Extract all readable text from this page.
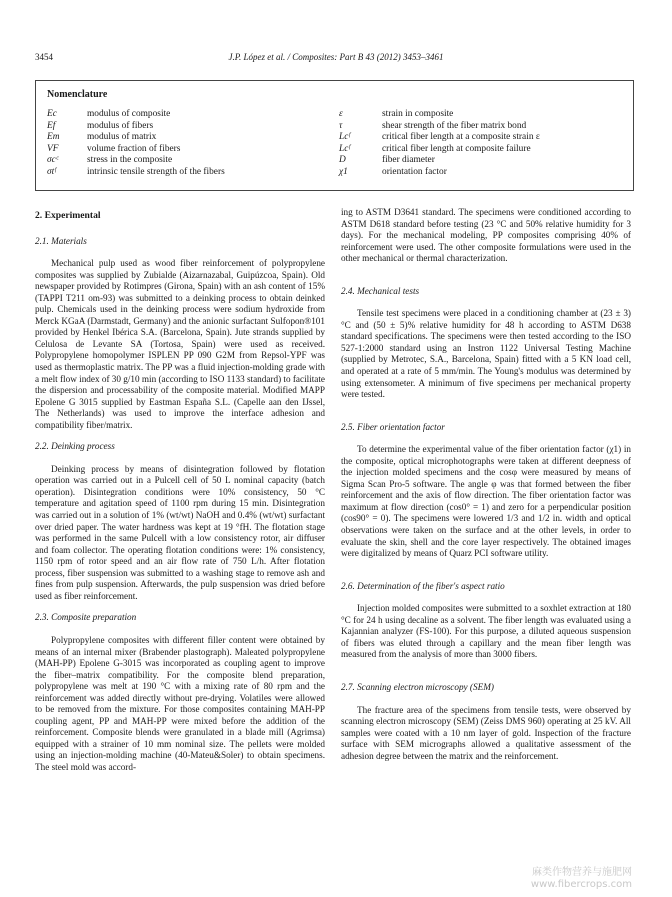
3454	J.P. López et al. / Composites: Part B 43 (2012) 3453–3461
Nomenclature
Ec	modulus of composite
Ef	modulus of fibers
Em	modulus of matrix
VF	volume fraction of fibers
σcᶜ	stress in the composite
σtᶠ	intrinsic tensile strength of the fibers
ε	strain in composite
τ	shear strength of the fiber matrix bond
Lcᶠ	critical fiber length at a composite strain ε
Lcᶠ	critical fiber length at composite failure
D	fiber diameter
χ1	orientation factor
2. Experimental
2.1. Materials

Mechanical pulp used as wood fiber reinforcement of polypropylene composites was supplied by Zubialde (Aizarnazabal, Guipúzcoa, Spain). Old newspaper provided by Rotimpres (Girona, Spain) with an ash content of 15% (TAPPI T211 om-93) was submitted to a deinking process to obtain deinked pulp. Chemicals used in the deinking process were sodium hydroxide from Merck KGaA (Darmstadt, Germany) and the anionic surfactant Sulfopon®101 provided by Henkel Ibérica S.A. (Barcelona, Spain). Jute strands supplied by Celulosa de Levante SA (Tortosa, Spain) were used as received. Polypropylene homopolymer ISPLEN PP 090 G2M from Repsol-YPF was used as thermoplastic matrix. The PP was a fluid injection-molding grade with a melt flow index of 30 g/10 min (according to ISO 1133 standard) to facilitate the dispersion and processability of the composite material. Modified MAPP Epolene G 3015 supplied by Eastman España S.L. (Capelle aan den IJssel, The Netherlands) was used to improve the interface adhesion and compatibility fiber/matrix.

2.2. Deinking process

Deinking process by means of disintegration followed by flotation operation was carried out in a Pulcell cell of 50 L nominal capacity (batch operation). Disintegration conditions were 10% consistency, 50 °C temperature and agitation speed of 1100 rpm during 15 min. Disintegration was carried out in a solution of 1% (wt/wt) NaOH and 0.4% (wt/wt) surfactant over dried paper. The water hardness was kept at 19 °fH. The flotation stage was performed in the same Pulcell with a low consistency rotor, air diffuser and foam collector. The operating flotation conditions were: 1% consistency, 1150 rpm of rotor speed and an air flow rate of 750 L/h. After flotation process, fiber suspension was submitted to a washing stage to remove ash and fines from pulp suspension. Afterwards, the pulp suspension was dried before used as fiber reinforcement.

2.3. Composite preparation

Polypropylene composites with different filler content were obtained by means of an internal mixer (Brabender plastograph). Maleated polypropylene (MAH-PP) Epolene G-3015 was incorporated as coupling agent to improve the fiber–matrix compatibility. For the composite blend preparation, polypropylene was melt at 190 °C with a mixing rate of 80 rpm and the reinforcement was added directly without pre-drying. Volatiles were allowed to be removed from the mixture. For those composites containing MAH-PP coupling agent, PP and MAH-PP were mixed before the addition of the reinforcement. Composite blends were granulated in a blade mill (Agrimsa) equipped with a strainer of 10 mm nominal size. The pellets were molded using an injection-molding machine (40-Mateu&Soler) to obtain specimens. The steel mold was accord-

ing to ASTM D3641 standard. The specimens were conditioned according to ASTM D618 standard before testing (23 °C and 50% relative humidity for 3 days). For the mechanical modeling, PP composites comprising 40% of reinforcement were used. The other composite formulations were used in the other mechanical or thermal characterization.

2.4. Mechanical tests

Tensile test specimens were placed in a conditioning chamber at (23 ± 3) °C and (50 ± 5)% relative humidity for 48 h according to ASTM D638 standard specifications. The specimens were then tested according to the ISO 527-1:2000 standard using an Instron 1122 Universal Testing Machine (supplied by Metrotec, S.A., Barcelona, Spain) fitted with a 5 KN load cell, and operated at a rate of 5 mm/min. The Young's modulus was determined by using extensometer. A minimum of five specimens per mechanical property were tested.

2.5. Fiber orientation factor

To determine the experimental value of the fiber orientation factor (χ1) in the composite, optical microphotographs were taken at different deepness of the injection molded specimens and the cosφ were measured by means of Sigma Scan Pro-5 software. The angle φ was that formed between the fiber reinforcement and the axis of flow direction. The fiber orientation factor was maximum at flow direction (cos0° = 1) and zero for a perpendicular position (cos90° = 0). The specimens were lowered 1/3 and 1/2 in. width and optical observations were taken on the surface and at the other levels, in order to evaluate the skin, shell and the core layer respectively. The obtained images were digitalized by means of Quarz PCI software utility.

2.6. Determination of the fiber's aspect ratio

Injection molded composites were submitted to a soxhlet extraction at 180 °C for 24 h using decaline as a solvent. The fiber length was evaluated using a Kajannian analyzer (FS-100). For this purpose, a diluted aqueous suspension of fibers was eluted through a capillary and the mean fiber length was measured from the analysis of more than 3000 fibers.

2.7. Scanning electron microscopy (SEM)

The fracture area of the specimens from tensile tests, were observed by scanning electron microscopy (SEM) (Zeiss DMS 960) operating at 25 kV. All samples were coated with a 10 nm layer of gold. Inspection of the fracture surface with SEM micrographs allowed a qualitative assessment of the adhesion degree between the matrix and the reinforcement.

麻类作物营养与施肥网
www.fibercrops.com
